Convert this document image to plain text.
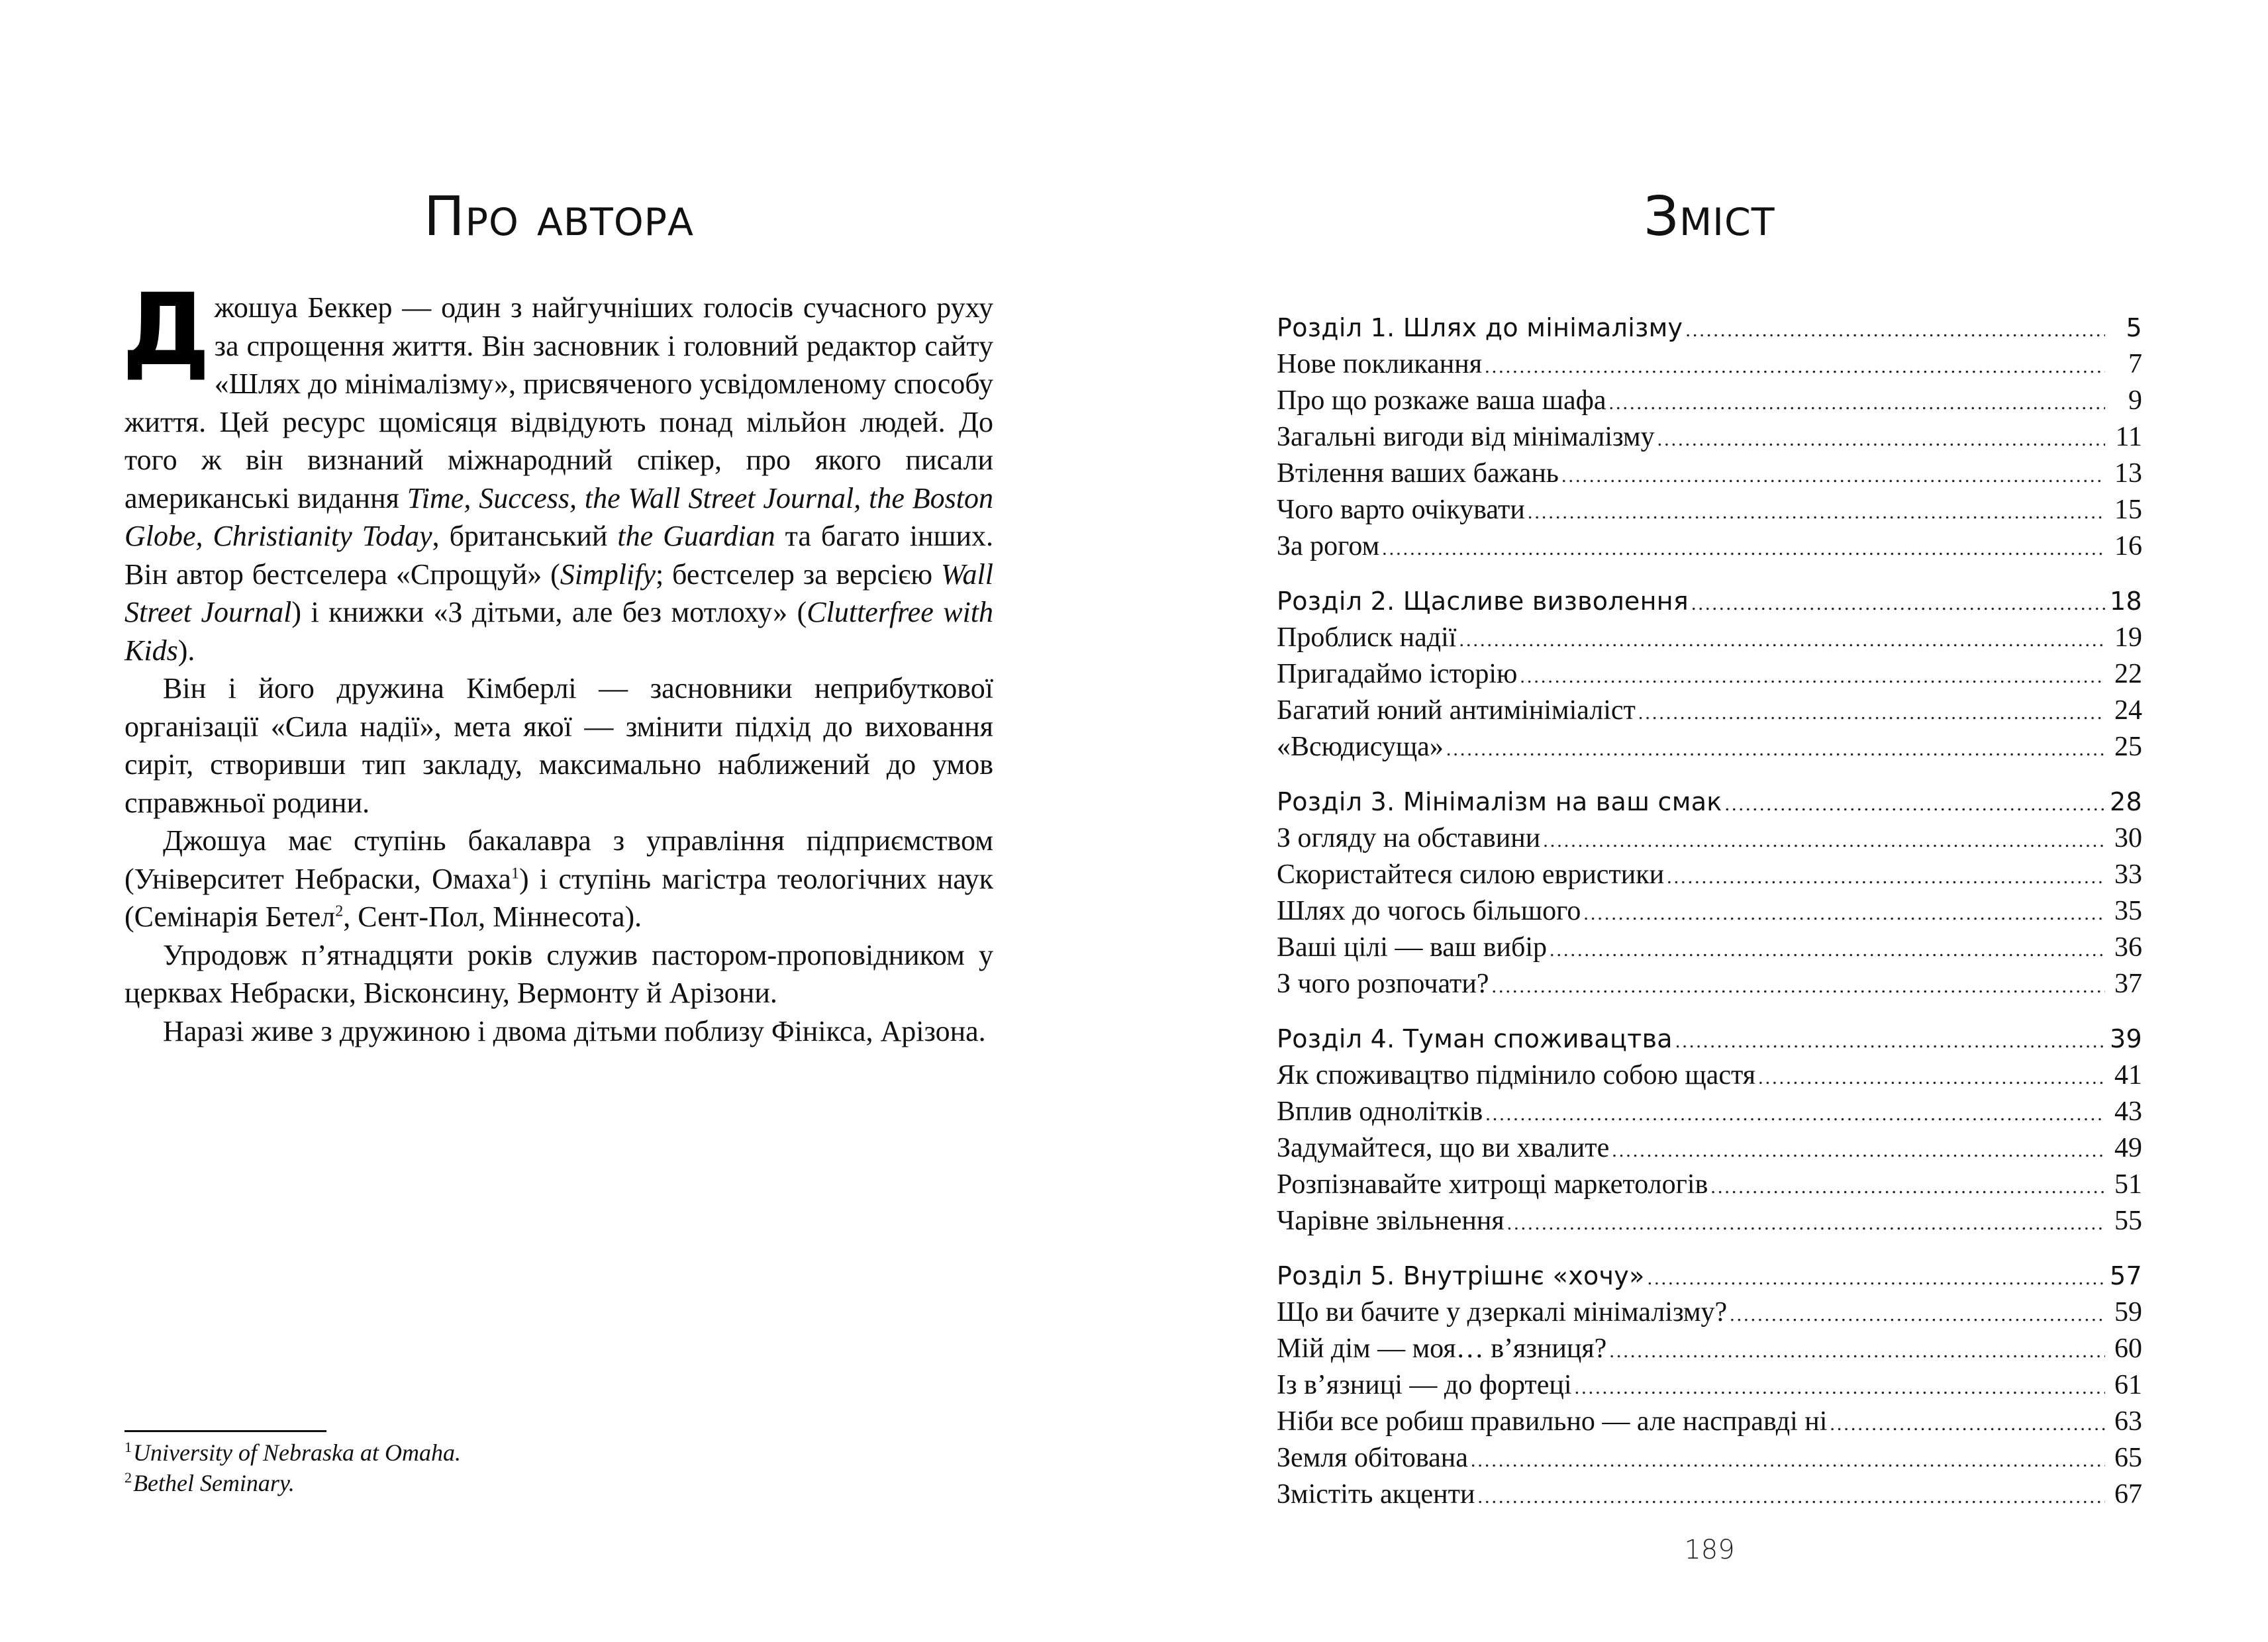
Про автора

Джошуа Беккер — один з найгучніших голосів сучасного руху за спрощення життя. Він засновник і головний редактор сайту «Шлях до мінімалізму», присвяченого усвідомленому способу життя. Цей ресурс щомісяця відвідують понад мільйон людей. До того ж він визнаний міжнародний спікер, про якого писали американські видання Time, Success, the Wall Street Journal, the Boston Globe, Christianity Today, британський the Guardian та багато інших. Він автор бестселера «Спрощуй» (Simplify; бестселер за версією Wall Street Journal) і книжки «З дітьми, але без мотлоху» (Clutterfree with Kids).

Він і його дружина Кімберлі — засновники неприбуткової організації «Сила надії», мета якої — змінити підхід до виховання сиріт, створивши тип закладу, максимально наближений до умов справжньої родини.

Джошуа має ступінь бакалавра з управління підприємством (Університет Небраски, Омаха$^1$) і ступінь магістра теологічних наук (Семінарія Бетел$^2$, Сент-Пол, Міннесота).

Упродовж п’ятнадцяти років служив пастором-проповідником у церквах Небраски, Вісконсину, Вермонту й Арізони.

Наразі живе з дружиною і двома дітьми поблизу Фінікса, Арізона.

$^1$University of Nebraska at Omaha.
$^2$Bethel Seminary.
Зміст
Розділ 1. Шлях до мінімалізму .....	5
Нове покликання .....	7
Про що розкаже ваша шафа .....	9
Загальні вигоди від мінімалізму .....	11
Втілення ваших бажань .....	13
Чого варто очікувати .....	15
За рогом .....	16
Розділ 2. Щасливе визволення .....	18
Проблиск надії .....	19
Пригадаймо історію .....	22
Багатий юний антимініміаліст .....	24
«Всюдисуща» .....	25
Розділ 3. Мінімалізм на ваш смак .....	28
З огляду на обставини .....	30
Скористайтеся силою евристики .....	33
Шлях до чогось більшого .....	35
Ваші цілі — ваш вибір .....	36
З чого розпочати? .....	37
Розділ 4. Туман споживацтва .....	39
Як споживацтво підмінило собою щастя .....	41
Вплив однолітків .....	43
Задумайтеся, що ви хвалите .....	49
Розпізнавайте хитрощі маркетологів .....	51
Чарівне звільнення .....	55
Розділ 5. Внутрішнє «хочу» .....	57
Що ви бачите у дзеркалі мінімалізму? .....	59
Мій дім — моя… в’язниця? .....	60
Із в’язниці — до фортеці .....	61
Ніби все робиш правильно — але насправді ні .....	63
Земля обітована .....	65
Змістіть акценти .....	67
189
